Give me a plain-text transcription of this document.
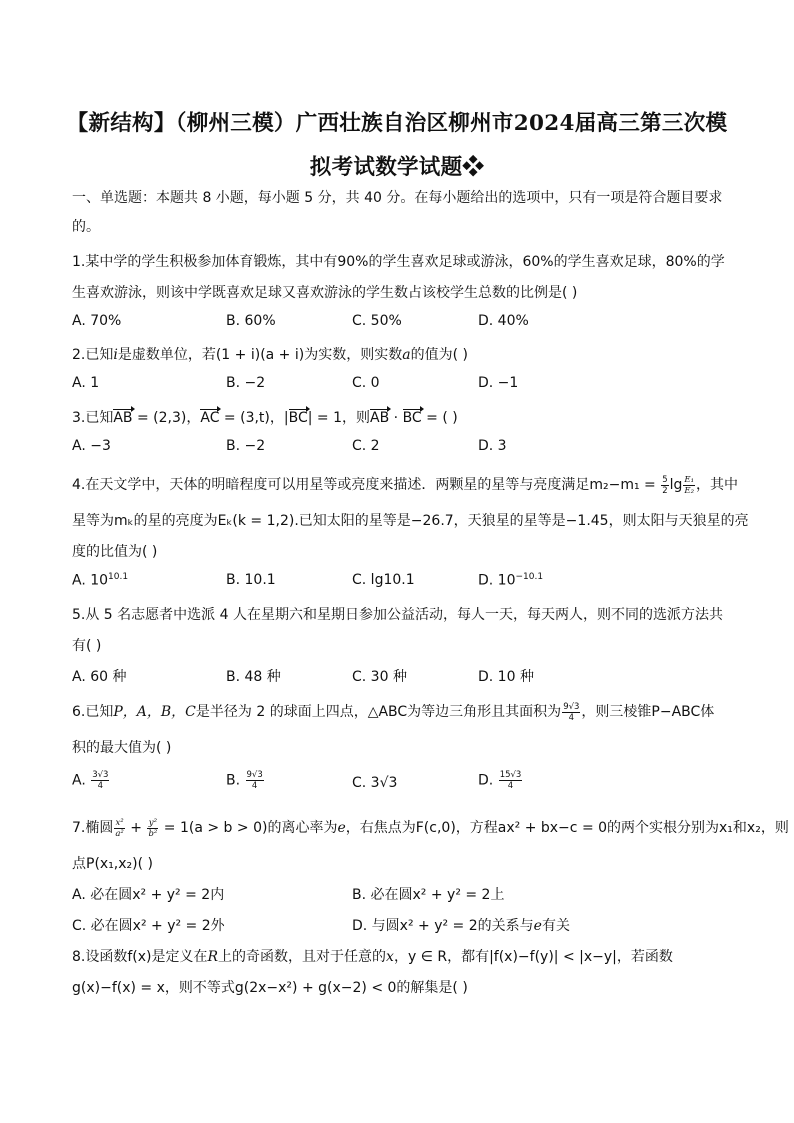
【新结构】（柳州三模）广西壮族自治区柳州市2024届高三第三次模
拟考试数学试题❖
一、单选题：本题共 8 小题，每小题 5 分，共 40 分。在每小题给出的选项中，只有一项是符合题目要求
的。
1.某中学的学生积极参加体育锻炼，其中有90%的学生喜欢足球或游泳，60%的学生喜欢足球，80%的学
生喜欢游泳，则该中学既喜欢足球又喜欢游泳的学生数占该校学生总数的比例是( )
A. 70%	B. 60%	C. 50%	D. 40%
2.已知i是虚数单位，若(1 + i)(a + i)为实数，则实数a的值为( )
A. 1	B. −2	C. 0	D. −1
3.已知AB = (2,3)，AC = (3,t)，|BC| = 1，则AB · BC = ( )
A. −3	B. −2	C. 2	D. 3
4.在天文学中，天体的明暗程度可以用星等或亮度来描述．两颗星的星等与亮度满足$m_2-m_1 = \frac{5}{2}$ $\lg \frac{\text{E₁}}{\text{E₂}}$ ，其中
星等为mₖ的星的亮度为Eₖ(k = 1,2).已知太阳的星等是−26.7，天狼星的星等是−1.45，则太阳与天狼星的亮
度的比值为( )
A. $10^{10.1}$	B. 10.1	C. lg10.1	D. $10^{-10.1}$
5.从 5 名志愿者中选派 4 人在星期六和星期日参加公益活动，每人一天，每天两人，则不同的选派方法共
有( )
A. 60 种	B. 48 种	C. 30 种	D. 10 种
6.已知P，A，B，C是半径为 2 的球面上四点，△ABC为等边三角形且其面积为 $\frac{9√3}{4}$ ，则三棱锥P−ABC体
积的最大值为( )
A. $\frac{3√3}{4}$	B. $\frac{9√3}{4}$	C. 3√3	D. $\frac{15√3}{4}$
7.椭圆 $\frac{\text{x²}}{\text{a²}} + \frac{\text{y²}}{\text{b²}} = 1(a > b > 0)$的离心率为e，右焦点为F(c,0)，方程ax² + bx−c = 0的两个实根分别为x₁和x₂，则
点P(x₁,x₂)( )
A. 必在圆x² + y² = 2内	B. 必在圆x² + y² = 2上
C. 必在圆x² + y² = 2外	D. 与圆x² + y² = 2的关系与e有关
8.设函数f(x)是定义在R上的奇函数，且对于任意的x，y ∈ R，都有|f(x)−f(y)| < |x−y|，若函数
g(x)−f(x) = x，则不等式g(2x−x²) + g(x−2) < 0的解集是( )
